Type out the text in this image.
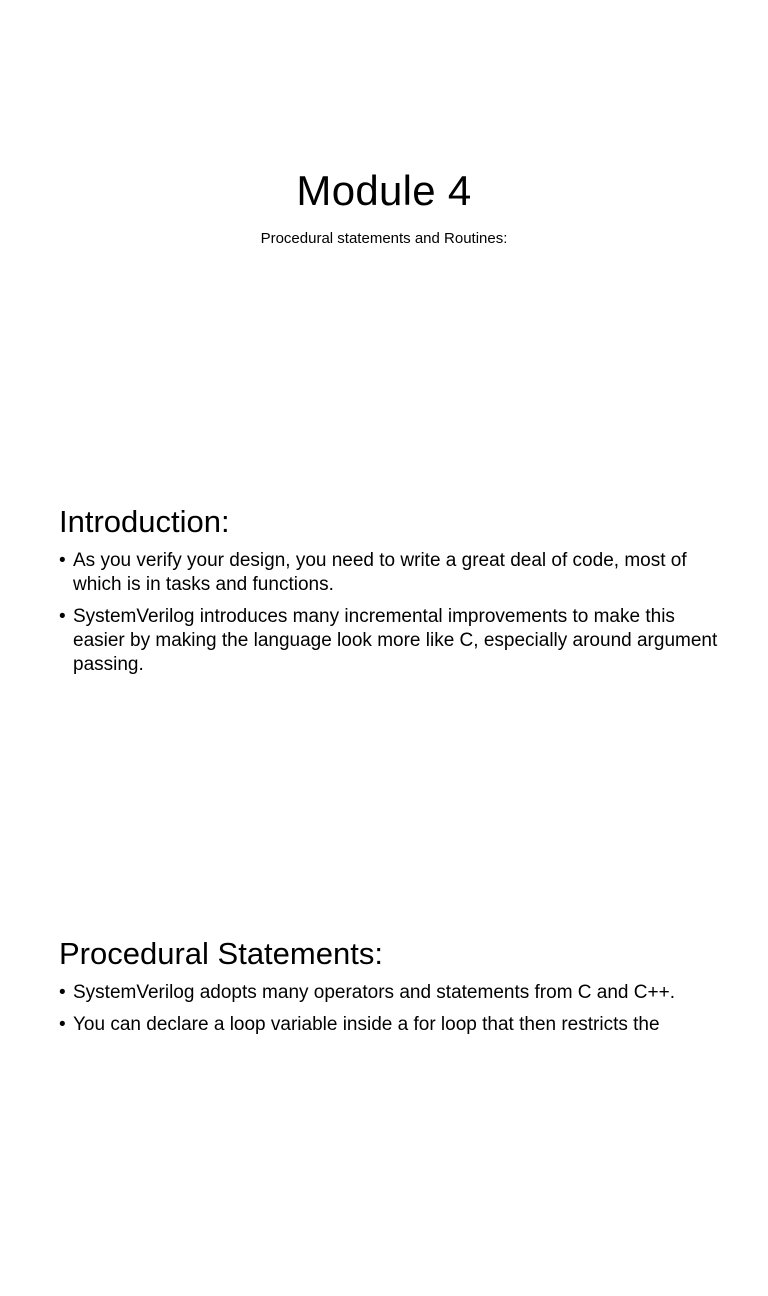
Module 4
Procedural statements and Routines:
Introduction:
• As you verify your design, you need to write a great deal of code, most of which is in tasks and functions.
• SystemVerilog introduces many incremental improvements to make this easier by making the language look more like C, especially around argument passing.
Procedural Statements:
• SystemVerilog adopts many operators and statements from C and C++.
• You can declare a loop variable inside a for loop that then restricts the
